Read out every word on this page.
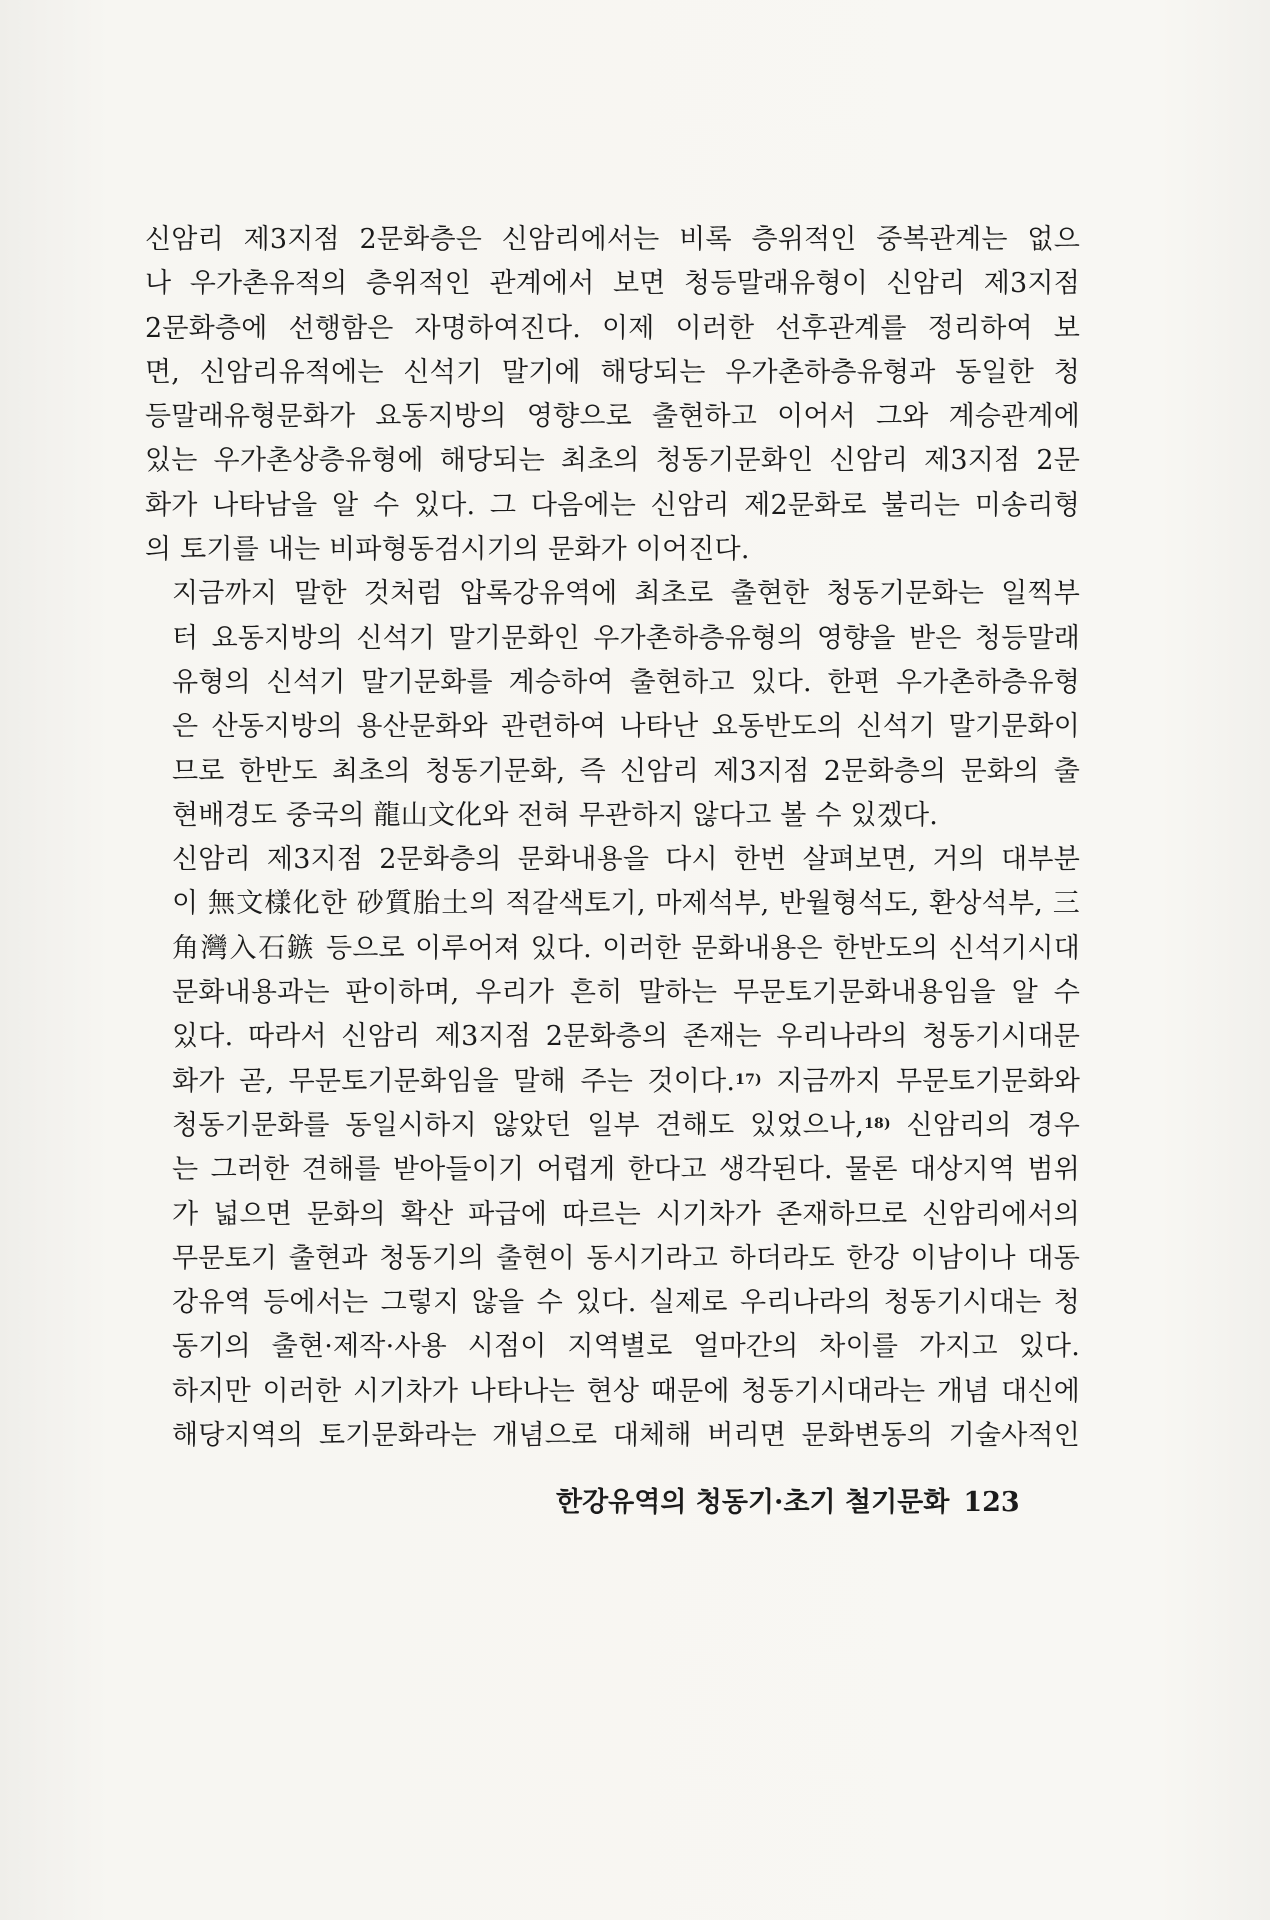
신암리 제3지점 2문화층은 신암리에서는 비록 층위적인 중복관계는 없으
나 우가촌유적의 층위적인 관계에서 보면 청등말래유형이 신암리 제3지점
2문화층에 선행함은 자명하여진다. 이제 이러한 선후관계를 정리하여 보
면, 신암리유적에는 신석기 말기에 해당되는 우가촌하층유형과 동일한 청
등말래유형문화가 요동지방의 영향으로 출현하고 이어서 그와 계승관계에
있는 우가촌상층유형에 해당되는 최초의 청동기문화인 신암리 제3지점 2문
화가 나타남을 알 수 있다. 그 다음에는 신암리 제2문화로 불리는 미송리형
의 토기를 내는 비파형동검시기의 문화가 이어진다.

지금까지 말한 것처럼 압록강유역에 최초로 출현한 청동기문화는 일찍부
터 요동지방의 신석기 말기문화인 우가촌하층유형의 영향을 받은 청등말래
유형의 신석기 말기문화를 계승하여 출현하고 있다. 한편 우가촌하층유형
은 산동지방의 용산문화와 관련하여 나타난 요동반도의 신석기 말기문화이
므로 한반도 최초의 청동기문화, 즉 신암리 제3지점 2문화층의 문화의 출
현배경도 중국의 龍山文化와 전혀 무관하지 않다고 볼 수 있겠다.

신암리 제3지점 2문화층의 문화내용을 다시 한번 살펴보면, 거의 대부분
이 無文樣化한 砂質胎土의 적갈색토기, 마제석부, 반월형석도, 환상석부, 三
角灣入石鏃 등으로 이루어져 있다. 이러한 문화내용은 한반도의 신석기시대
문화내용과는 판이하며, 우리가 흔히 말하는 무문토기문화내용임을 알 수
있다. 따라서 신암리 제3지점 2문화층의 존재는 우리나라의 청동기시대문
화가 곧, 무문토기문화임을 말해 주는 것이다.$^{17)}$ 지금까지 무문토기문화와
청동기문화를 동일시하지 않았던 일부 견해도 있었으나,$^{18)}$ 신암리의 경우
는 그러한 견해를 받아들이기 어렵게 한다고 생각된다. 물론 대상지역 범위
가 넓으면 문화의 확산 파급에 따르는 시기차가 존재하므로 신암리에서의
무문토기 출현과 청동기의 출현이 동시기라고 하더라도 한강 이남이나 대동
강유역 등에서는 그렇지 않을 수 있다. 실제로 우리나라의 청동기시대는 청
동기의 출현·제작·사용 시점이 지역별로 얼마간의 차이를 가지고 있다.
하지만 이러한 시기차가 나타나는 현상 때문에 청동기시대라는 개념 대신에
해당지역의 토기문화라는 개념으로 대체해 버리면 문화변동의 기술사적인

한강유역의 청동기·초기 철기문화 123
